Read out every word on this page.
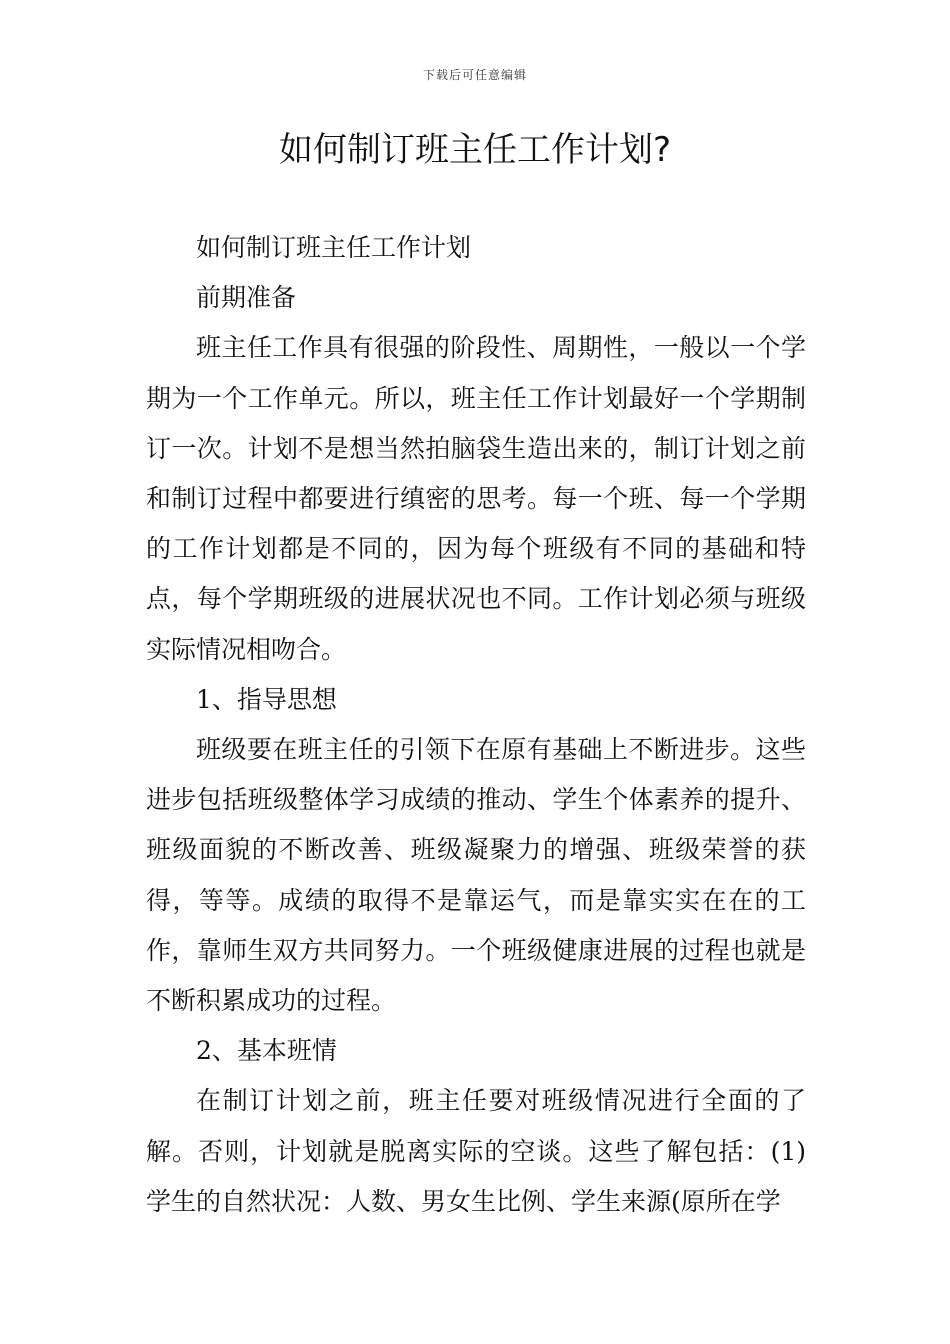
下载后可任意编辑
如何制订班主任工作计划?

如何制订班主任工作计划

前期准备

班主任工作具有很强的阶段性、周期性，一般以一个学期为一个工作单元。所以，班主任工作计划最好一个学期制订一次。计划不是想当然拍脑袋生造出来的，制订计划之前和制订过程中都要进行缜密的思考。每一个班、每一个学期的工作计划都是不同的，因为每个班级有不同的基础和特点，每个学期班级的进展状况也不同。工作计划必须与班级实际情况相吻合。

1、指导思想

班级要在班主任的引领下在原有基础上不断进步。这些进步包括班级整体学习成绩的推动、学生个体素养的提升、班级面貌的不断改善、班级凝聚力的增强、班级荣誉的获得，等等。成绩的取得不是靠运气，而是靠实实在在的工作，靠师生双方共同努力。一个班级健康进展的过程也就是不断积累成功的过程。

2、基本班情

在制订计划之前，班主任要对班级情况进行全面的了解。否则，计划就是脱离实际的空谈。这些了解包括：(1)学生的自然状况：人数、男女生比例、学生来源(原所在学
